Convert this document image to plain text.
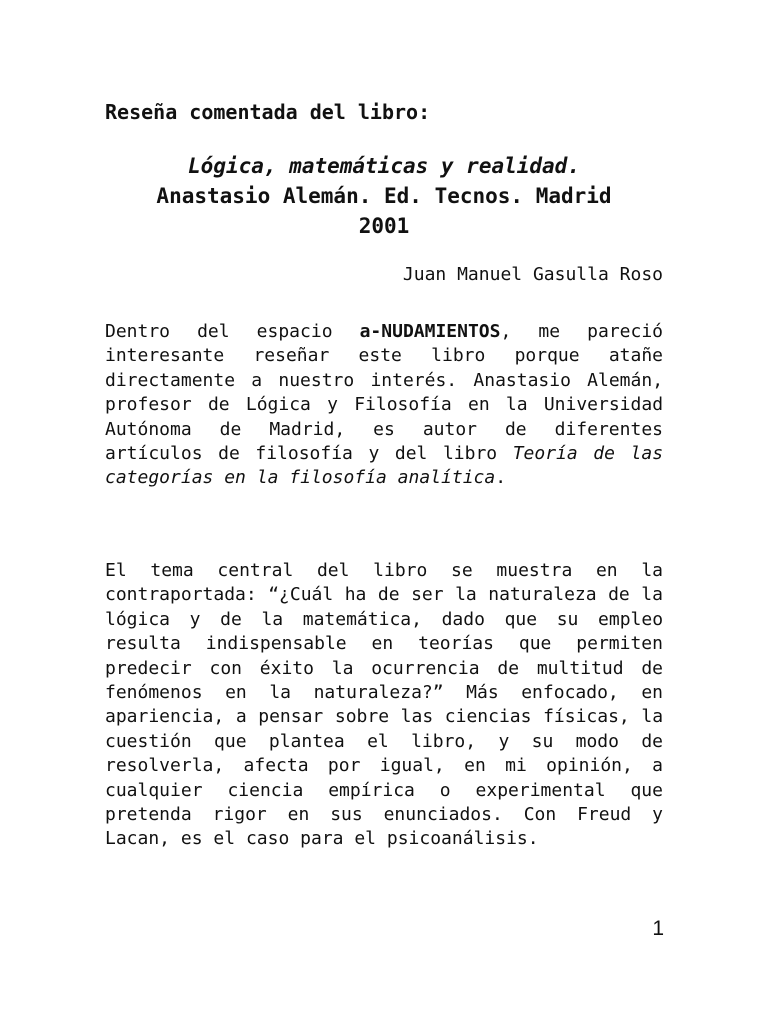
Reseña comentada del libro:

Lógica, matemáticas y realidad.

Anastasio Alemán. Ed. Tecnos. Madrid

2001

Juan Manuel Gasulla Roso

Dentro del espacio a-NUDAMIENTOS, me pareció
interesante reseñar este libro porque atañe
directamente a nuestro interés. Anastasio Alemán,
profesor de Lógica y Filosofía en la Universidad
Autónoma de Madrid, es autor de diferentes
artículos de filosofía y del libro Teoría de las
categorías en la filosofía analítica.
El tema central del libro se muestra en la
contraportada: “¿Cuál ha de ser la naturaleza de la
lógica y de la matemática, dado que su empleo
resulta indispensable en teorías que permiten
predecir con éxito la ocurrencia de multitud de
fenómenos en la naturaleza?” Más enfocado, en
apariencia, a pensar sobre las ciencias físicas, la
cuestión que plantea el libro, y su modo de
resolverla, afecta por igual, en mi opinión, a
cualquier ciencia empírica o experimental que
pretenda rigor en sus enunciados. Con Freud y
Lacan, es el caso para el psicoanálisis.

1
